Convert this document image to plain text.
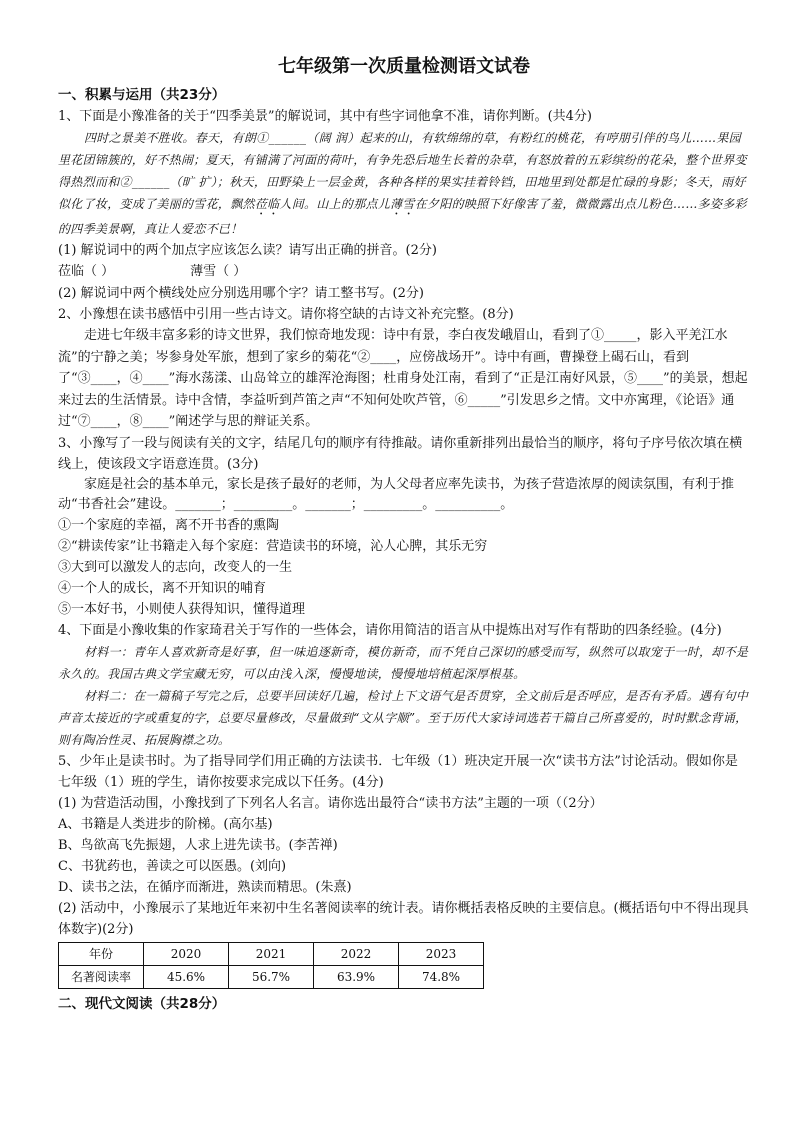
七年级第一次质量检测语文试卷
一、积累与运用（共23分）
1、下面是小豫准备的关于“四季美景”的解说词，其中有些字词他拿不准，请你判断。(共4分)
四时之景美不胜收。春天，有朗①______（阔 润）起来的山，有软绵绵的草，有粉红的桃花，有哼朋引伴的鸟儿……果园里花团锦簇的，好不热闹；夏天，有铺满了河面的荷叶，有争先恐后地生长着的杂草，有怒放着的五彩缤纷的花朵，整个世界变得热烈而和②______（旷 扩）；秋天，田野染上一层金黄，各种各样的果实挂着铃铛，田地里到处都是忙碌的身影；冬天，雨好似化了妆，变成了美丽的雪花，飘然莅临人间。山上的那点儿薄雪在夕阳的映照下好像害了羞，微微露出点儿粉色……多姿多彩的四季美景啊，真让人爱恋不已！
(1) 解说词中的两个加点字应该怎么读？请写出正确的拼音。(2分)
莅临（ ）	薄雪（ ）
(2) 解说词中两个横线处应分别选用哪个字？请工整书写。(2分)
2、小豫想在读书感悟中引用一些古诗文。请你将空缺的古诗文补充完整。(8分)
走进七年级丰富多彩的诗文世界，我们惊奇地发现：诗中有景，李白夜发峨眉山，看到了①_____，影入平羌江水流”的宁静之美；岑参身处军旅，想到了家乡的菊花“②____，应傍战场开”。诗中有画，曹操登上碣石山，看到了“③____，④____”海水荡漾、山岛耸立的雄浑沧海图；杜甫身处江南，看到了“正是江南好风景，⑤____”的美景，想起来过去的生活情景。诗中含情，李益听到芦笛之声“不知何处吹芦管，⑥_____”引发思乡之情。文中亦寓理，《论语》通过“⑦____，⑧____”阐述学与思的辩证关系。
3、小豫写了一段与阅读有关的文字，结尾几句的顺序有待推敲。请你重新排列出最恰当的顺序，将句子序号依次填在横线上，使该段文字语意连贯。(3分)
家庭是社会的基本单元，家长是孩子最好的老师，为人父母者应率先读书，为孩子营造浓厚的阅读氛围，有利于推动“书香社会”建设。_______；_________。_______；_________。__________。
①一个家庭的幸福，离不开书香的熏陶
②“耕读传家”让书籍走入每个家庭：营造读书的环境，沁人心脾，其乐无穷
③大到可以激发人的志向，改变人的一生
④一个人的成长，离不开知识的哺育
⑤一本好书，小则使人获得知识，懂得道理
4、下面是小豫收集的作家琦君关于写作的一些体会，请你用简洁的语言从中提炼出对写作有帮助的四条经验。(4分)
材料一：青年人喜欢新奇是好事，但一味追逐新奇，模仿新奇，而不凭自己深切的感受而写，纵然可以取宠于一时，却不是永久的。我国古典文学宝藏无穷，可以由浅入深，慢慢地读，慢慢地培植起深厚根基。
材料二：在一篇稿子写完之后，总要半回读好几遍，检讨上下文语气是否贯穿，全文前后是否呼应，是否有矛盾。遇有句中声音太接近的字或重复的字，总要尽量修改，尽量做到“文从字顺”。至于历代大家诗词选若干篇自己所喜爱的，时时默念背诵，则有陶冶性灵、拓展胸襟之功。
5、少年止是读书时。为了指导同学们用正确的方法读书．七年级（1）班决定开展一次“读书方法”讨论活动。假如你是七年级（1）班的学生，请你按要求完成以下任务。(4分)
(1) 为营造活动围，小豫找到了下列名人名言。请你选出最符合“读书方法”主题的一项（（2分）
A、书籍是人类进步的阶梯。(高尔基)
B、鸟欲高飞先振翅，人求上进先读书。(李苦禅)
C、书犹药也，善读之可以医愚。(刘向)
D、读书之法，在循序而渐进，熟读而精思。(朱熹)
(2) 活动中，小豫展示了某地近年来初中生名著阅读率的统计表。请你概括表格反映的主要信息。(概括语句中不得出现具体数字)(2分)
年份	2020	2021	2022	2023
名著阅读率	45.6%	56.7%	63.9%	74.8%
二、现代文阅读（共28分）
